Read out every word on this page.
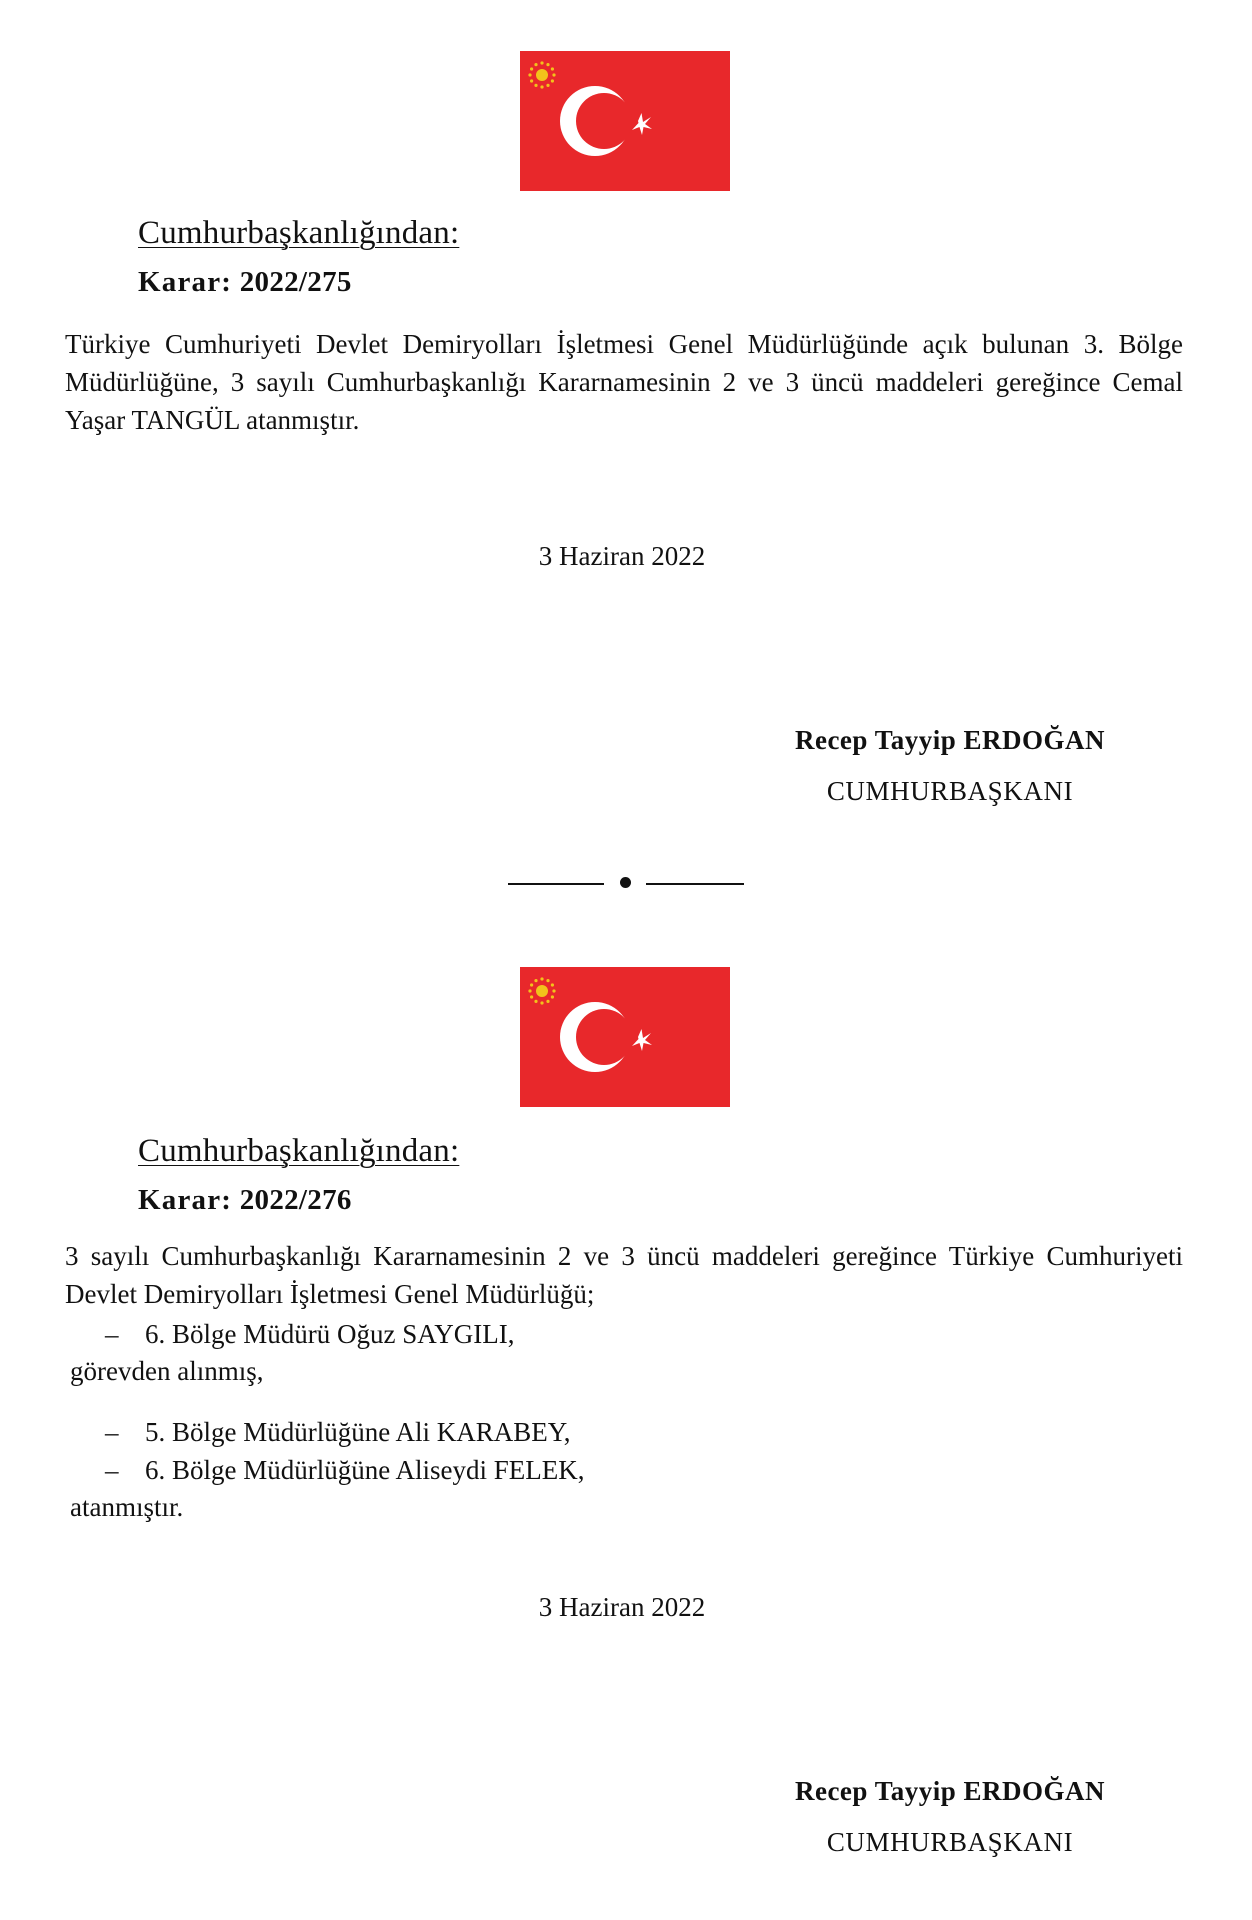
Cumhurbaşkanlığından:
Karar: 2022/275
Türkiye Cumhuriyeti Devlet Demiryolları İşletmesi Genel Müdürlüğünde açık bulunan 3. Bölge Müdürlüğüne, 3 sayılı Cumhurbaşkanlığı Kararnamesinin 2 ve 3 üncü maddeleri gereğince Cemal Yaşar TANGÜL atanmıştır.
3 Haziran 2022
Recep Tayyip ERDOĞAN
CUMHURBAŞKANI
Cumhurbaşkanlığından:
Karar: 2022/276
3 sayılı Cumhurbaşkanlığı Kararnamesinin 2 ve 3 üncü maddeleri gereğince Türkiye Cumhuriyeti Devlet Demiryolları İşletmesi Genel Müdürlüğü;
– 6. Bölge Müdürü Oğuz SAYGILI,
görevden alınmış,
– 5. Bölge Müdürlüğüne Ali KARABEY,
– 6. Bölge Müdürlüğüne Aliseydi FELEK,
atanmıştır.
3 Haziran 2022
Recep Tayyip ERDOĞAN
CUMHURBAŞKANI
